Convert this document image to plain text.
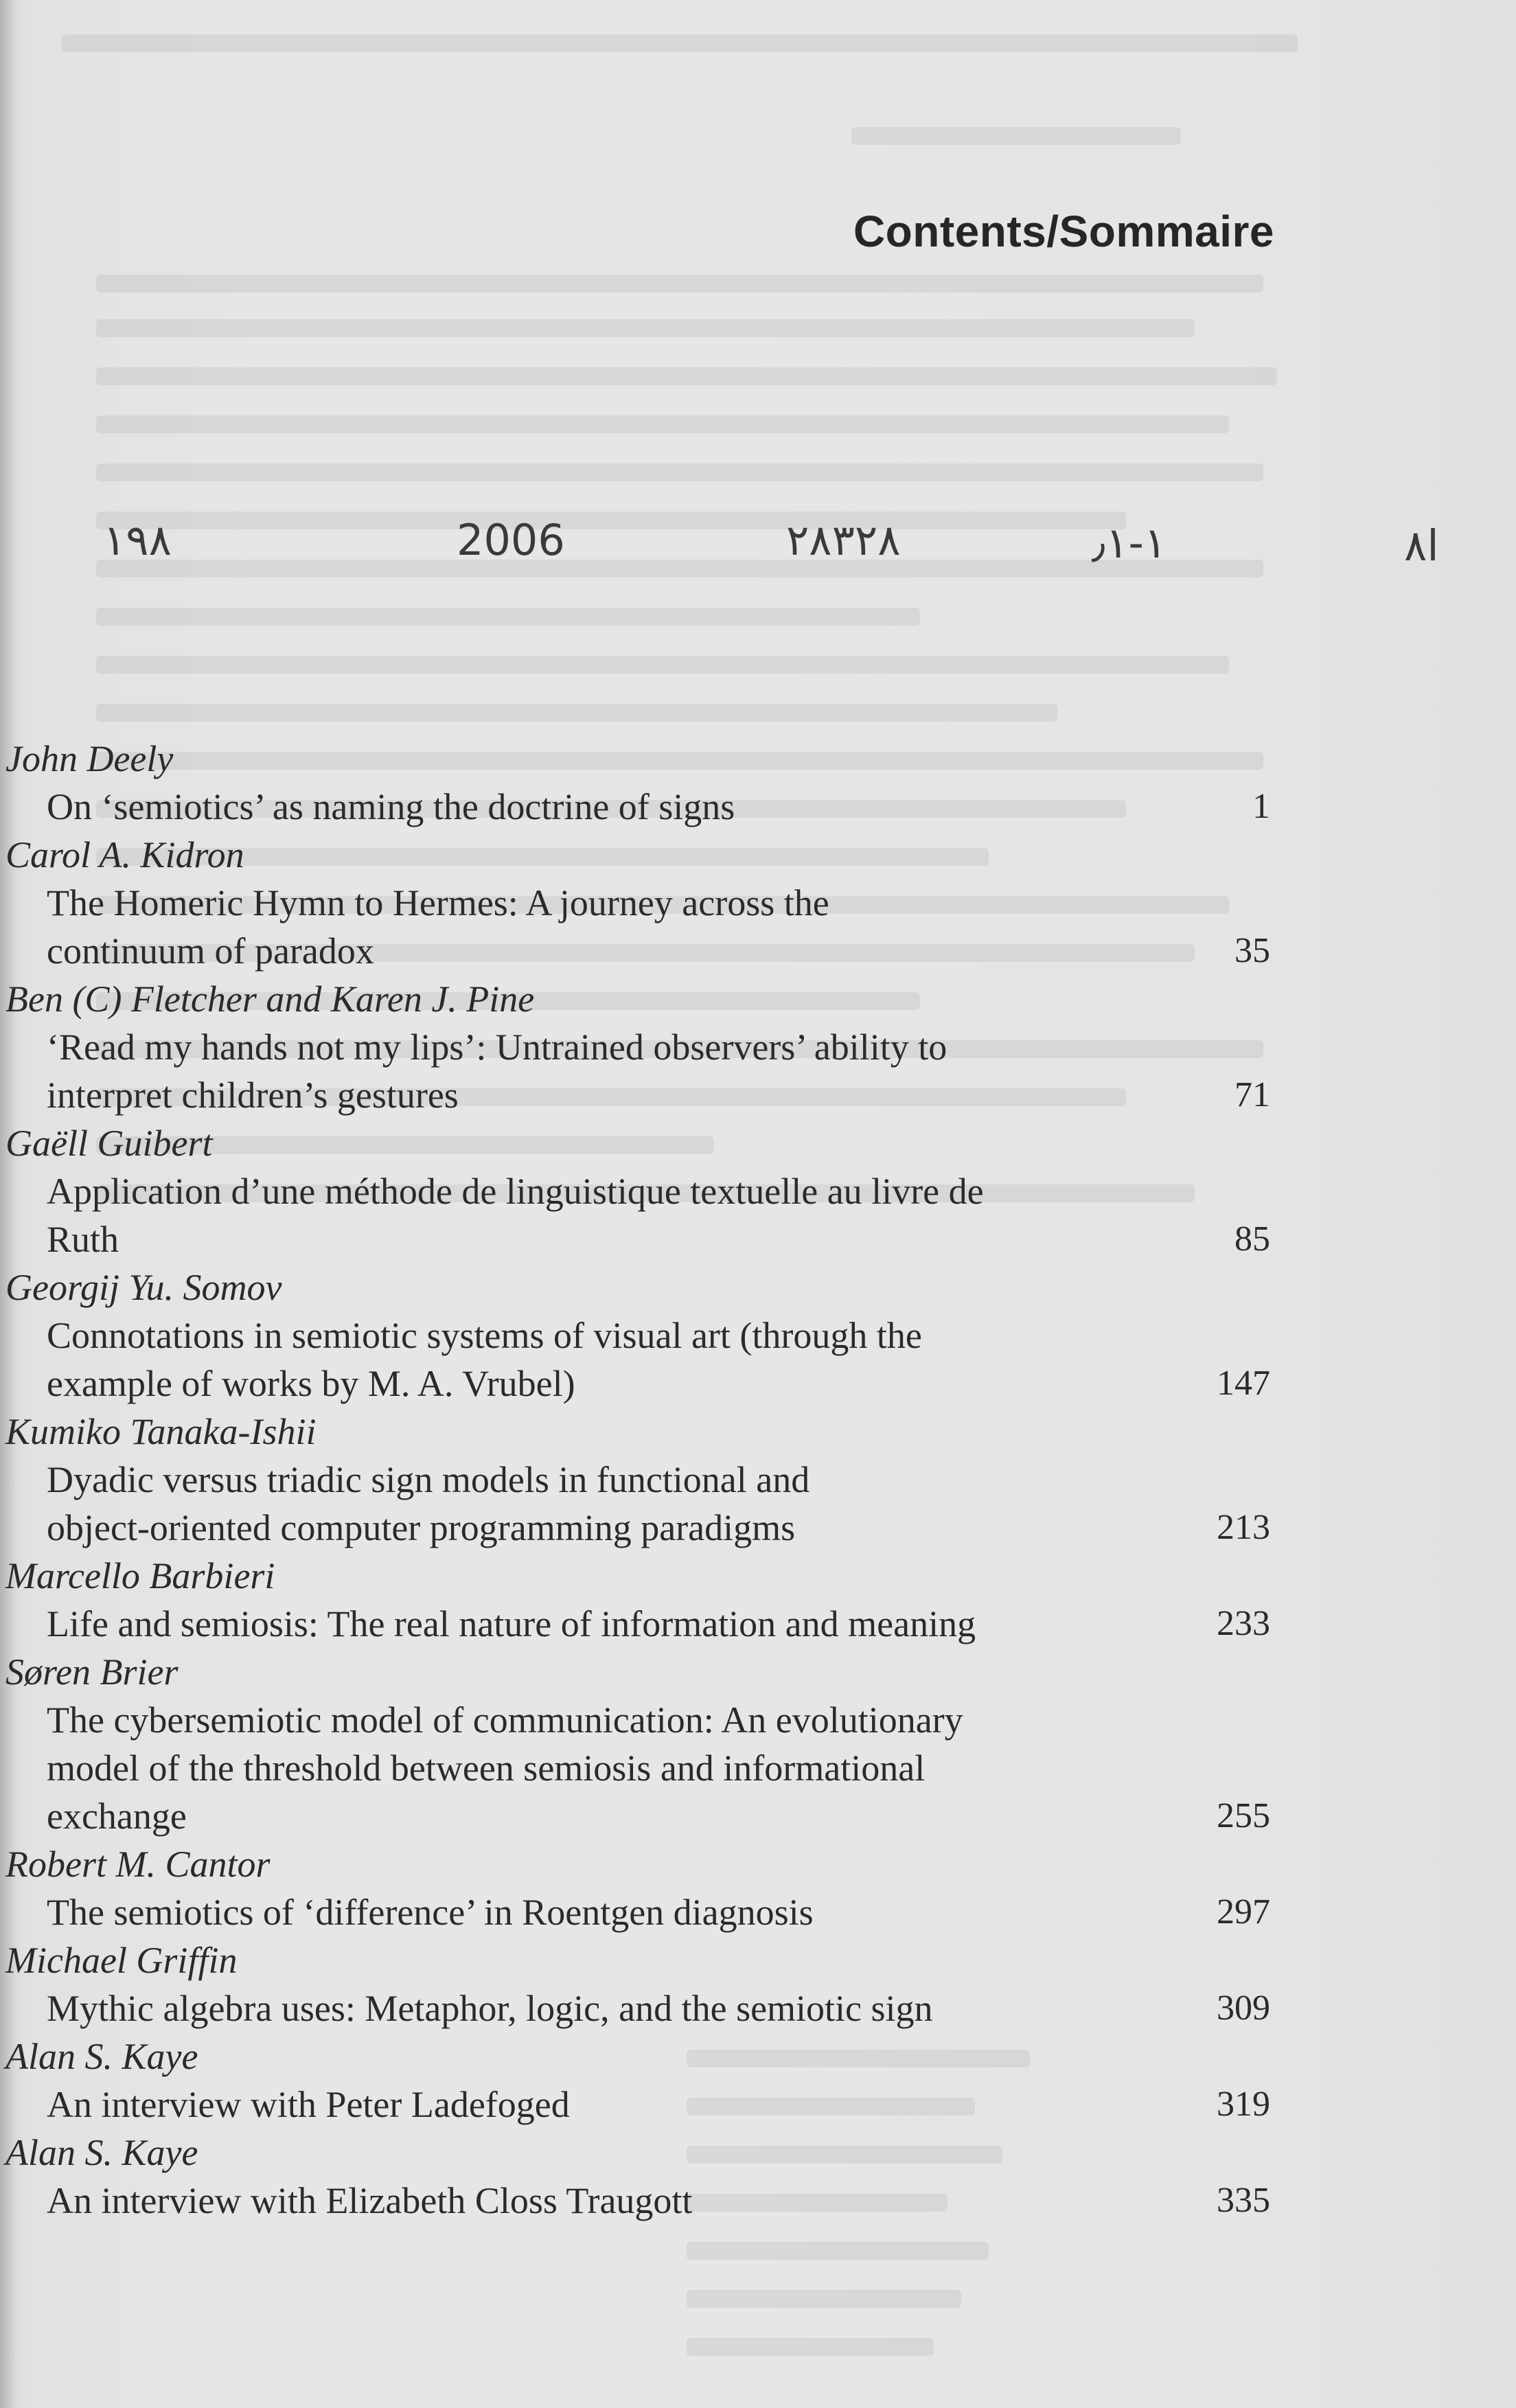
Contents/Sommaire
۱۹۸	2006	٢۸٣۲۸	٫۱-۱	۸ا
John Deely
On ‘semiotics’ as naming the doctrine of signs	1
Carol A. Kidron
The Homeric Hymn to Hermes: A journey across the
continuum of paradox	35
Ben (C) Fletcher and Karen J. Pine
‘Read my hands not my lips’: Untrained observers’ ability to
interpret children’s gestures	71
Gaëll Guibert
Application d’une méthode de linguistique textuelle au livre de
Ruth	85
Georgij Yu. Somov
Connotations in semiotic systems of visual art (through the
example of works by M. A. Vrubel)	147
Kumiko Tanaka-Ishii
Dyadic versus triadic sign models in functional and
object-oriented computer programming paradigms	213
Marcello Barbieri
Life and semiosis: The real nature of information and meaning	233
Søren Brier
The cybersemiotic model of communication: An evolutionary
model of the threshold between semiosis and informational
exchange	255
Robert M. Cantor
The semiotics of ‘difference’ in Roentgen diagnosis	297
Michael Griffin
Mythic algebra uses: Metaphor, logic, and the semiotic sign	309
Alan S. Kaye
An interview with Peter Ladefoged	319
Alan S. Kaye
An interview with Elizabeth Closs Traugott	335
